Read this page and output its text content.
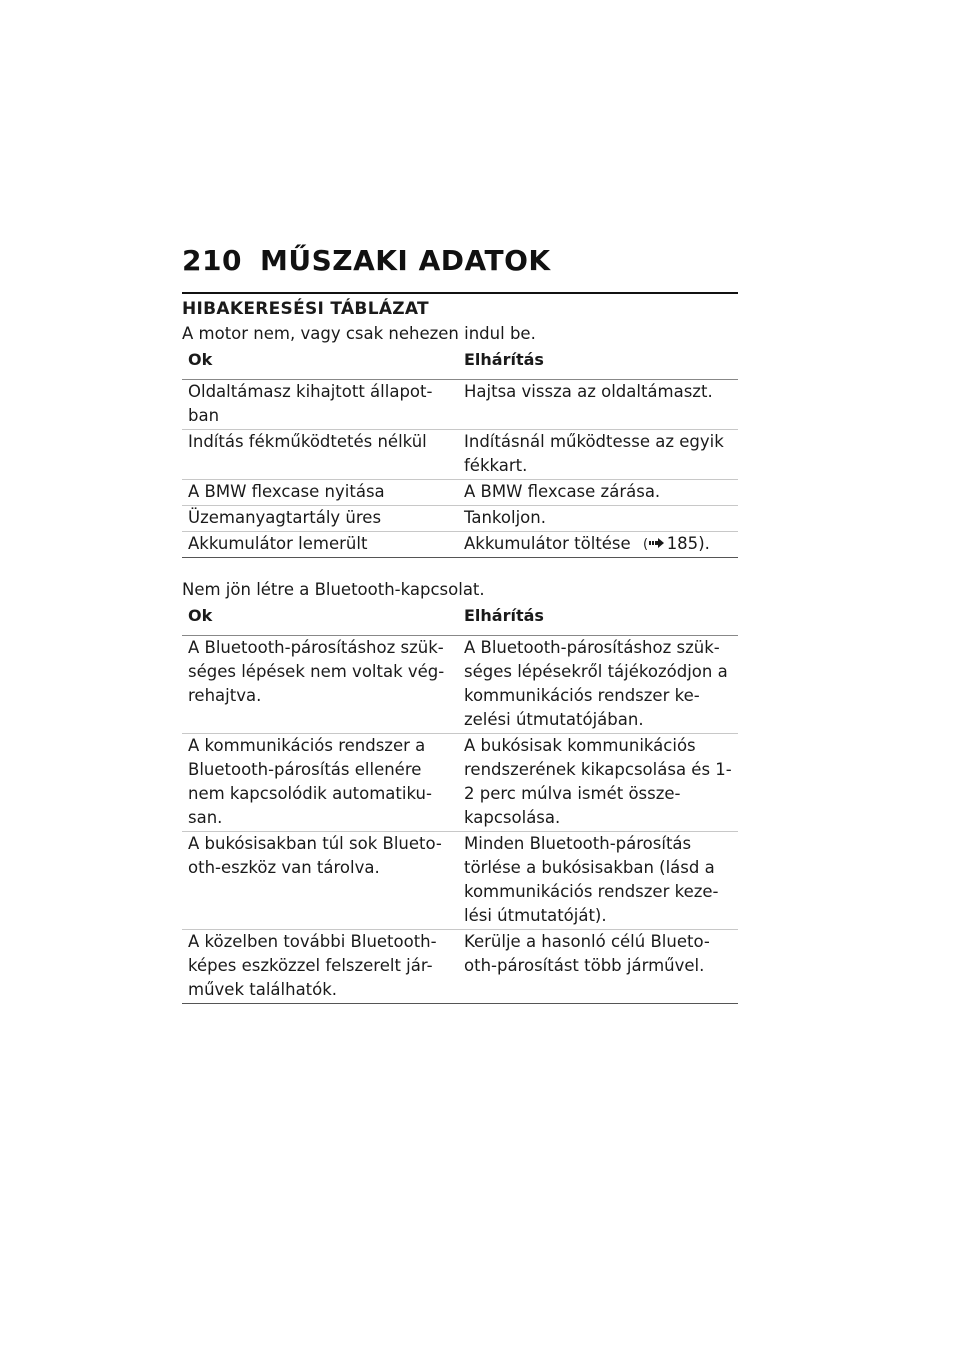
210 MŰSZAKI ADATOK
HIBAKERESÉSI TÁBLÁZAT
A motor nem, vagy csak nehezen indul be.
Ok	Elhárítás
Oldaltámasz kihajtott állapot-ban	Hajtsa vissza az oldaltámaszt.
Indítás fékműködtetés nélkül	Indításnál működtesse az egyik fékkart.
A BMW flexcase nyitása	A BMW flexcase zárása.
Üzemanyagtartály üres	Tankoljon.
Akkumulátor lemerült	Akkumulátor töltése ( 185).
Nem jön létre a Bluetooth-kapcsolat.
Ok	Elhárítás
A Bluetooth-párosításhoz szük-séges lépések nem voltak vég-rehajtva.	A Bluetooth-párosításhoz szük-séges lépésekről tájékozódjon a kommunikációs rendszer ke-zelési útmutatójában.
A kommunikációs rendszer a Bluetooth-párosítás ellenére nem kapcsolódik automatiku-san.	A bukósisak kommunikációs rendszerének kikapcsolása és 1-2 perc múlva ismét össze-kapcsolása.
A bukósisakban túl sok Blueto-oth-eszköz van tárolva.	Minden Bluetooth-párosítás törlése a bukósisakban (lásd a kommunikációs rendszer keze-lési útmutatóját).
A közelben további Bluetooth-képes eszközzel felszerelt jár-művek találhatók.	Kerülje a hasonló célú Blueto-oth-párosítást több járművel.
